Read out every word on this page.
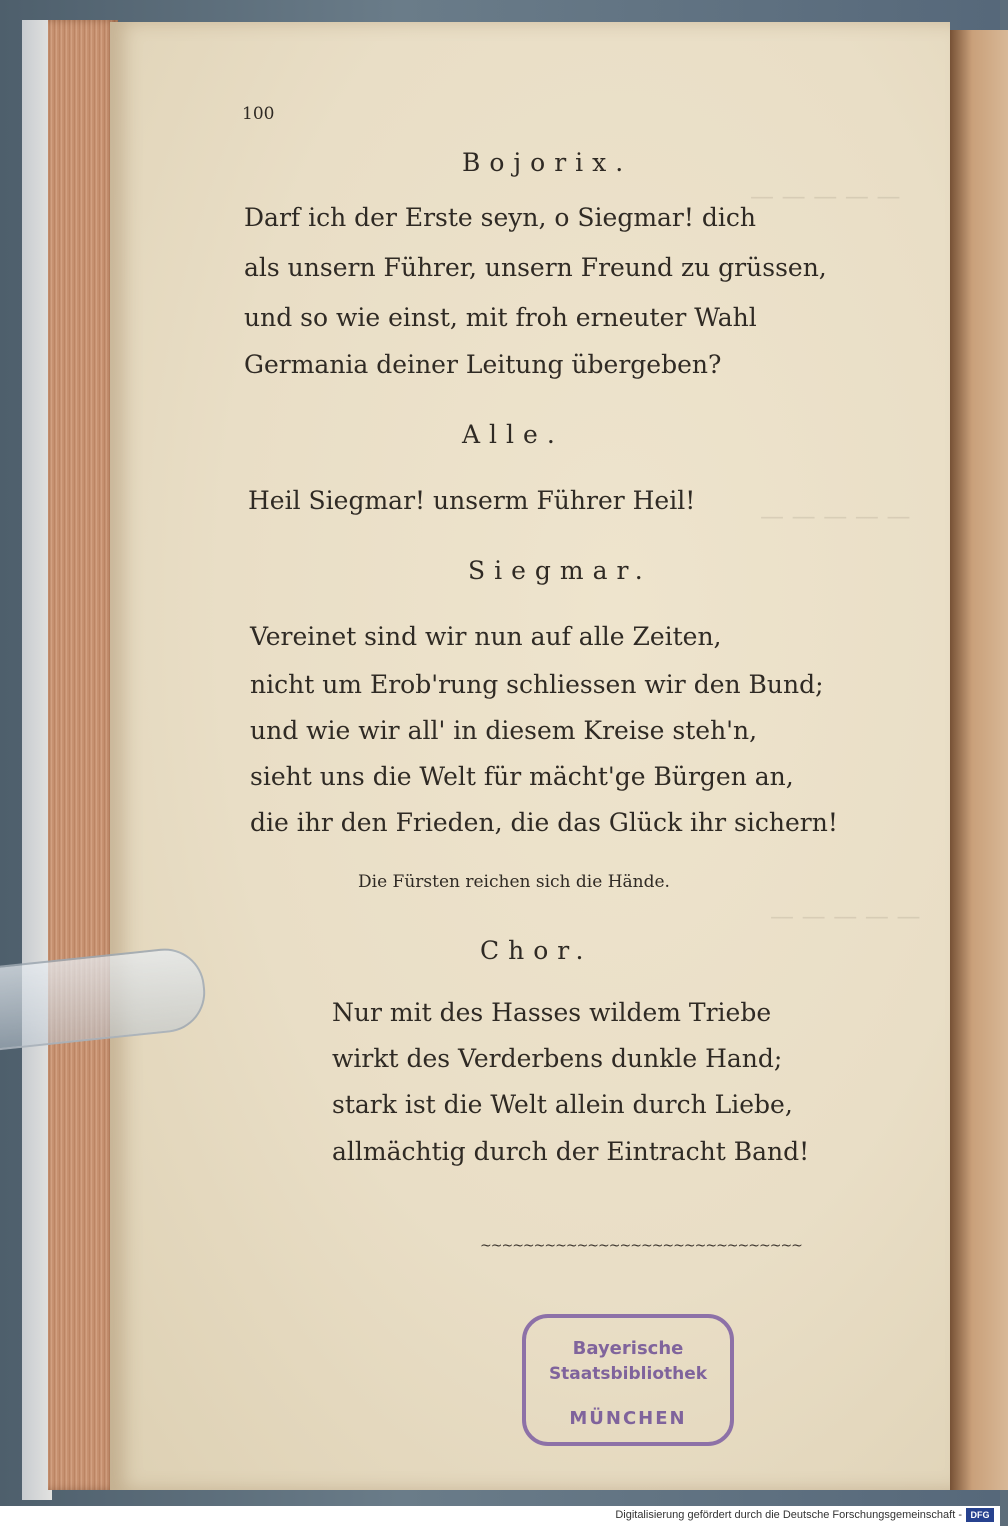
— — — — —
— — — — —
— — — — —
100
Bojorix.
Darf ich der Erste seyn, o Siegmar! dich
als unsern Führer, unsern Freund zu grüssen,
und so wie einst, mit froh erneuter Wahl
Germania deiner Leitung übergeben?
Alle.
Heil Siegmar! unserm Führer Heil!
Siegmar.
Vereinet sind wir nun auf alle Zeiten,
nicht um Erob'rung schliessen wir den Bund;
und wie wir all' in diesem Kreise steh'n,
sieht uns die Welt für mächt'ge Bürgen an,
die ihr den Frieden, die das Glück ihr sichern!
Die Fürsten reichen sich die Hände.
Chor.
Nur mit des Hasses wildem Triebe
wirkt des Verderbens dunkle Hand;
stark ist die Welt allein durch Liebe,
allmächtig durch der Eintracht Band!
~~~~~~~~~~~~~~~~~~~~~~~~~~~~~~
Bayerische
Staatsbibliothek
MÜNCHEN
Digitalisierung gefördert durch die Deutsche Forschungsgemeinschaft - DFG
